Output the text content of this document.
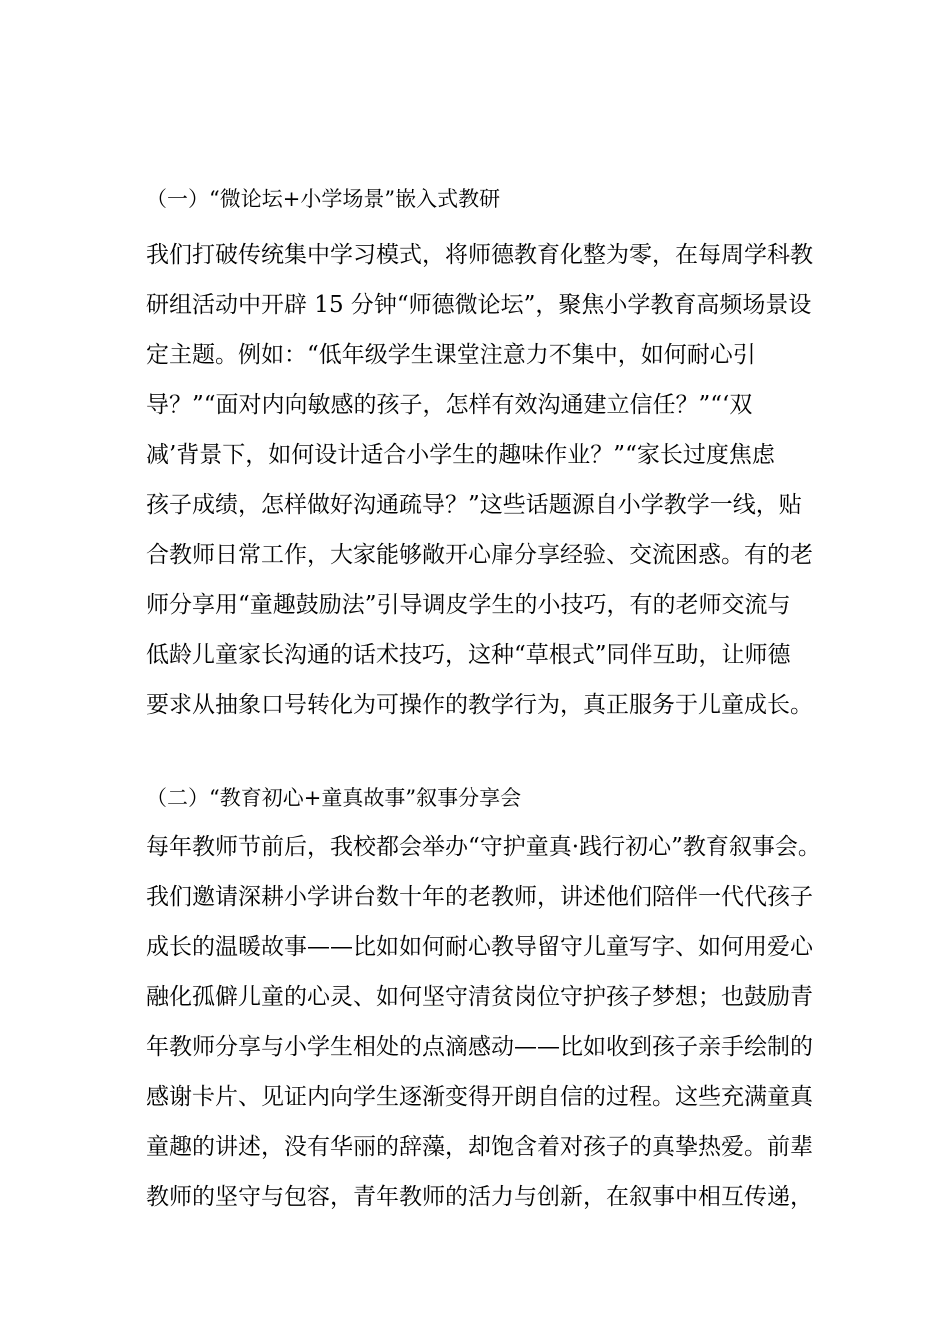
（一）“微论坛+小学场景”嵌入式教研
我们打破传统集中学习模式，将师德教育化整为零，在每周学科教
研组活动中开辟 15 分钟“师德微论坛”，聚焦小学教育高频场景设
定主题。例如：“低年级学生课堂注意力不集中，如何耐心引
导？”“面对内向敏感的孩子，怎样有效沟通建立信任？”“‘双
减’背景下，如何设计适合小学生的趣味作业？”“家长过度焦虑
孩子成绩，怎样做好沟通疏导？”这些话题源自小学教学一线，贴
合教师日常工作，大家能够敞开心扉分享经验、交流困惑。有的老
师分享用“童趣鼓励法”引导调皮学生的小技巧，有的老师交流与
低龄儿童家长沟通的话术技巧，这种“草根式”同伴互助，让师德
要求从抽象口号转化为可操作的教学行为，真正服务于儿童成长。
（二）“教育初心+童真故事”叙事分享会
每年教师节前后，我校都会举办“守护童真·践行初心”教育叙事会。
我们邀请深耕小学讲台数十年的老教师，讲述他们陪伴一代代孩子
成长的温暖故事——比如如何耐心教导留守儿童写字、如何用爱心
融化孤僻儿童的心灵、如何坚守清贫岗位守护孩子梦想；也鼓励青
年教师分享与小学生相处的点滴感动——比如收到孩子亲手绘制的
感谢卡片、见证内向学生逐渐变得开朗自信的过程。这些充满童真
童趣的讲述，没有华丽的辞藻，却饱含着对孩子的真挚热爱。前辈
教师的坚守与包容，青年教师的活力与创新，在叙事中相互传递，
